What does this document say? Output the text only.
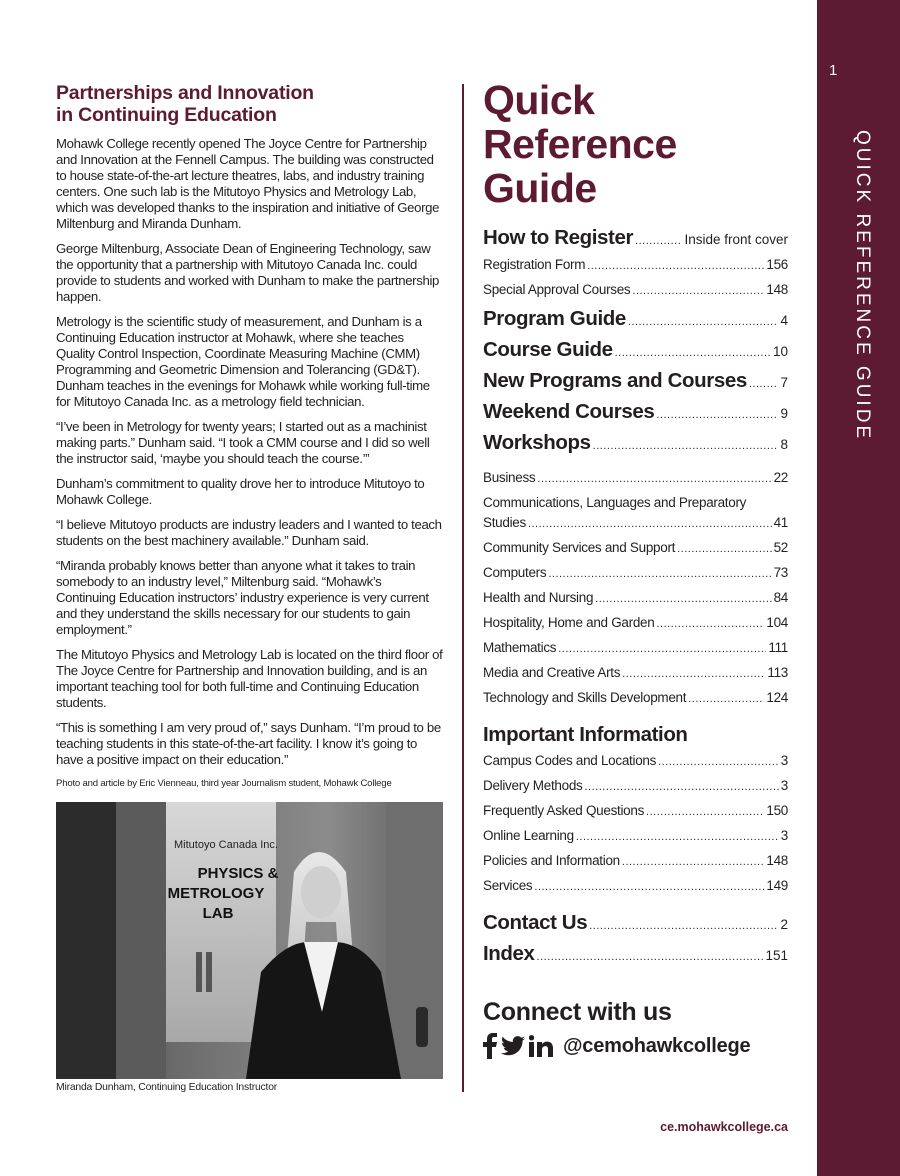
1
QUICK REFERENCE GUIDE
Partnerships and Innovation
in Continuing Education

Mohawk College recently opened The Joyce Centre for Partnership and Innovation at the Fennell Campus. The building was constructed to house state-of-the-art lecture theatres, labs, and industry training centers. One such lab is the Mitutoyo Physics and Metrology Lab, which was developed thanks to the inspiration and initiative of George Miltenburg and Miranda Dunham.

George Miltenburg, Associate Dean of Engineering Technology, saw the opportunity that a partnership with Mitutoyo Canada Inc. could provide to students and worked with Dunham to make the partnership happen.

Metrology is the scientific study of measurement, and Dunham is a Continuing Education instructor at Mohawk, where she teaches Quality Control Inspection, Coordinate Measuring Machine (CMM) Programming and Geometric Dimension and Tolerancing (GD&T). Dunham teaches in the evenings for Mohawk while working full-time for Mitutoyo Canada Inc. as a metrology field technician.

“I’ve been in Metrology for twenty years; I started out as a machinist making parts.” Dunham said. “I took a CMM course and I did so well the instructor said, ‘maybe you should teach the course.’”

Dunham’s commitment to quality drove her to introduce Mitutoyo to Mohawk College.

“I believe Mitutoyo products are industry leaders and I wanted to teach students on the best machinery available.” Dunham said.

“Miranda probably knows better than anyone what it takes to train somebody to an industry level,” Miltenburg said. “Mohawk’s Continuing Education instructors’ industry experience is very current and they understand the skills necessary for our students to gain employment.”

The Mitutoyo Physics and Metrology Lab is located on the third floor of The Joyce Centre for Partnership and Innovation building, and is an important teaching tool for both full-time and Continuing Education students.

“This is something I am very proud of,” says Dunham. “I’m proud to be teaching students in this state-of-the-art facility. I know it’s going to have a positive impact on their education.”

Photo and article by Eric Vienneau, third year Journalism student, Mohawk College

Mitutoyo Canada Inc.
PHYSICS &
METROLOGY
LAB
Miranda Dunham, Continuing Education Instructor
Quick
Reference
Guide
How to Register .....	Inside front cover
Registration Form .....	156
Special Approval Courses .....	148
Program Guide .....	4
Course Guide .....	10
New Programs and Courses ..... 7
Weekend Courses .....	9
Workshops .....	8
Business .....	22
Communications, Languages and Preparatory
Studies .....	41
Community Services and Support .....	52
Computers .....	73
Health and Nursing .....	84
Hospitality, Home and Garden .....	104
Mathematics .....	111
Media and Creative Arts .....	113
Technology and Skills Development .....	124
Important Information
Campus Codes and Locations .....	3
Delivery Methods .....	3
Frequently Asked Questions .....	150
Online Learning .....	3
Policies and Information .....	148
Services .....	149
Contact Us .....	2
Index .....	151
Connect with us
@cemohawkcollege
ce.mohawkcollege.ca
